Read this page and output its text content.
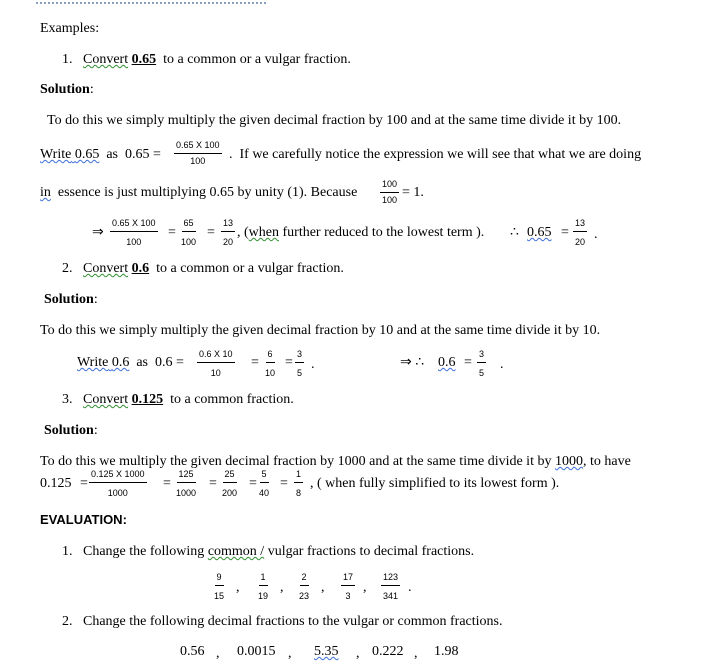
Examples:
1. Convert 0.65 to a common or a vulgar fraction.
Solution:
To do this we simply multiply the given decimal fraction by 100 and at the same time divide it by 100.
Write 0.65 as $0.65 = \frac{0.65 X 100}{100}$ . If we carefully notice the expression we will see that what we are doing
in essence is just multiplying 0.65 by unity (1). Because	$\frac{100}{100} = 1$.
⇒ $\frac{0.65 X 100}{100} = \frac{65}{100} = \frac{13}{20}$ , (when further reduced to the lowest term ). ∴ $0.65 = \frac{13}{20}$ .
2. Convert 0.6 to a common or a vulgar fraction.
Solution:
To do this we simply multiply the given decimal fraction by 10 and at the same time divide it by 10.
Write 0.6 as $0.6 = \frac{0.6 X 10}{10} = \frac{6}{10} = \frac{3}{5}$ .	⇒ ∴ $0.6 = \frac{3}{5}$ .
3. Convert 0.125 to a common fraction.
Solution:
To do this we multiply the given decimal fraction by 1000 and at the same time divide it by 1000, to have
$0.125 = \frac{0.125 X 1000}{1000} = \frac{125}{1000} = \frac{25}{200} = \frac{5}{40} = \frac{1}{8}$ , ( when fully simplified to its lowest form ).
EVALUATION:
1. Change the following common / vulgar fractions to decimal fractions.
$\frac{9}{15}$ , $\frac{1}{19}$ , $\frac{2}{23}$ , $\frac{17}{3}$ , $\frac{123}{341}$ .
2. Change the following decimal fractions to the vulgar or common fractions.
0.56 , 0.0015 , 5.35 , 0.222 , 1.98
